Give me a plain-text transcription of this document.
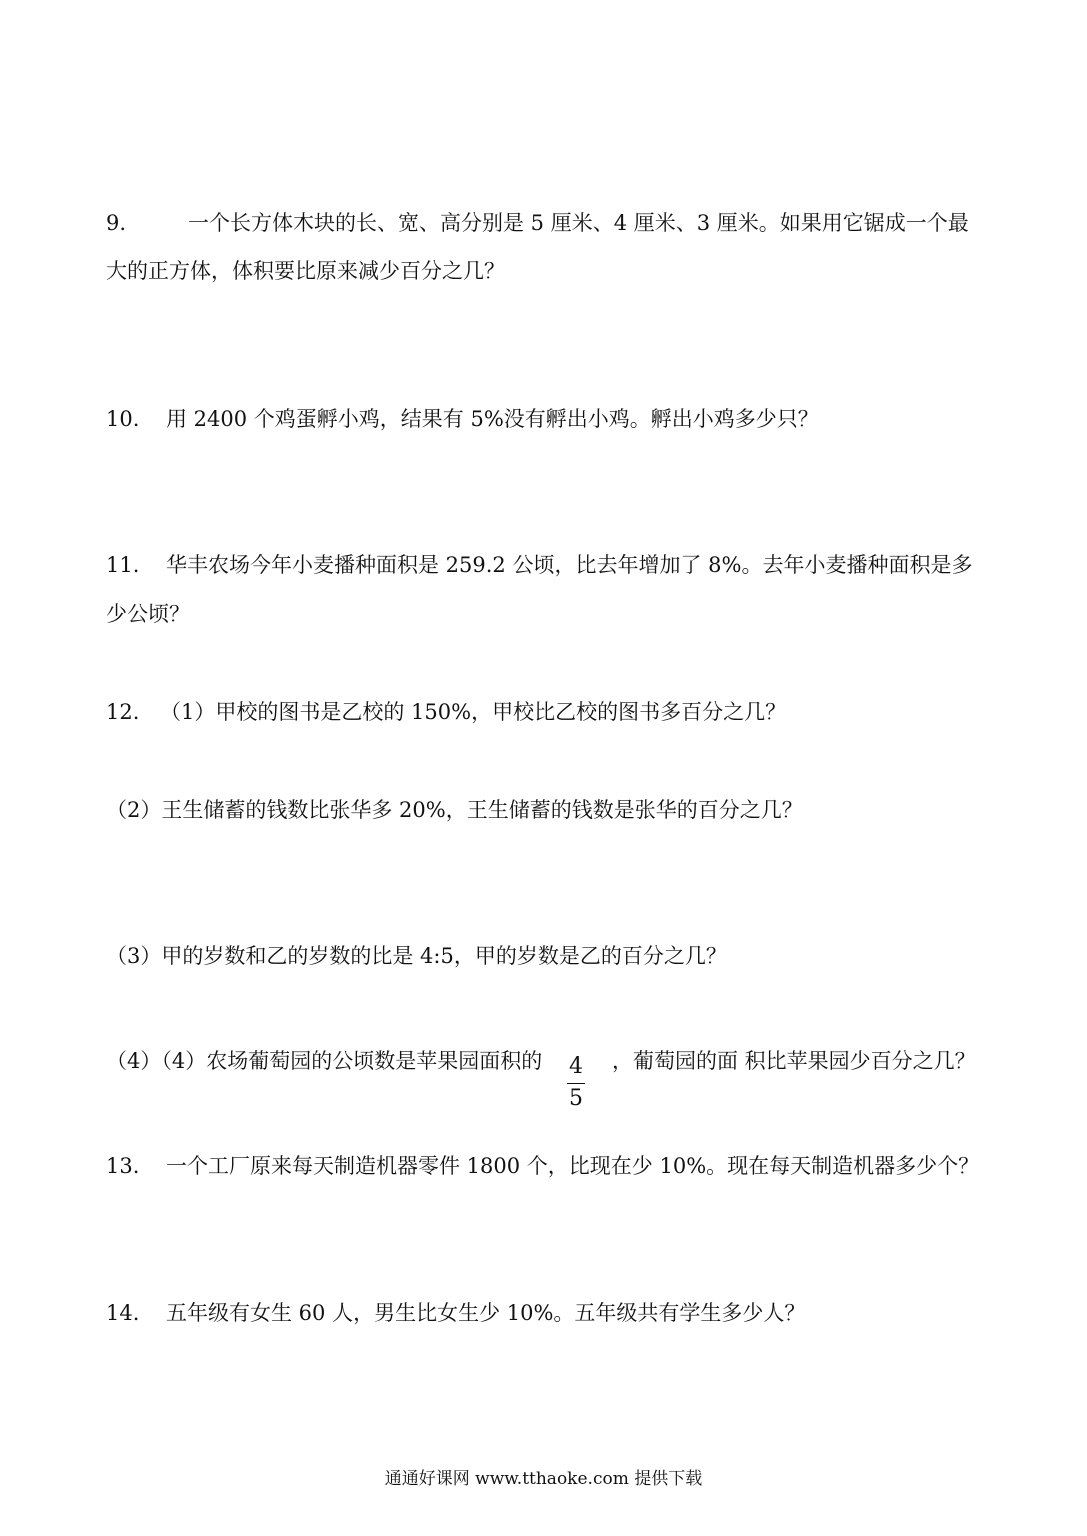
9.	一个长方体木块的长、宽、高分别是 5 厘米、4 厘米、3 厘米。如果用它锯成一个最
大的正方体，体积要比原来减少百分之几？
10. 用 2400 个鸡蛋孵小鸡，结果有 5%没有孵出小鸡。孵出小鸡多少只？
11. 华丰农场今年小麦播种面积是 259.2 公顷，比去年增加了 8%。去年小麦播种面积是多
少公顷？
12. （1）甲校的图书是乙校的 150%，甲校比乙校的图书多百分之几？
（2）王生储蓄的钱数比张华多 20%，王生储蓄的钱数是张华的百分之几？
（3）甲的岁数和乙的岁数的比是 4:5，甲的岁数是乙的百分之几？
（4）（4）农场葡萄园的公顷数是苹果园面积的	，葡萄园的面 积比苹果园少百分之几？
4
5
13. 一个工厂原来每天制造机器零件 1800 个，比现在少 10%。现在每天制造机器多少个？
14. 五年级有女生 60 人，男生比女生少 10%。五年级共有学生多少人？
通通好课网 www.tthaoke.com 提供下载
